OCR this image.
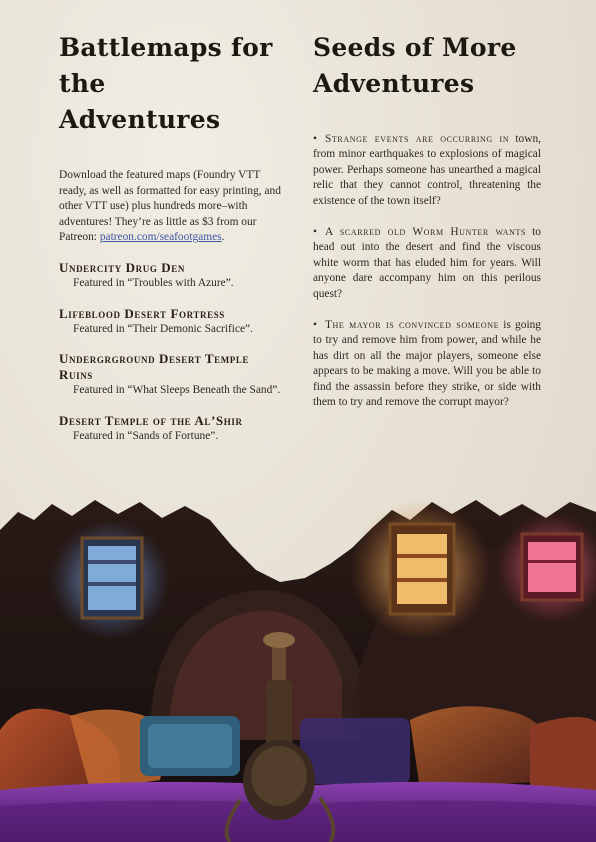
Battlemaps for the
Adventures

Download the featured maps (Foundry VTT ready, as well as formatted for easy printing, and other VTT use) plus hundreds more–with adventures! They’re as little as $3 from our Patreon: patreon.com/seafootgames.

Undercity Drug Den
Featured in “Troubles with Azure”.
Lifeblood Desert Fortress
Featured in “Their Demonic Sacrifice”.
Undergrground Desert Temple Ruins
Featured in “What Sleeps Beneath the Sand”.
Desert Temple of the Al’Shir
Featured in “Sands of Fortune”.
Seeds of More
Adventures

• Strange events are occurring in town, from minor earthquakes to explosions of magical power. Perhaps someone has unearthed a magical relic that they cannot control, threatening the existence of the town itself?

• A scarred old Worm Hunter wants to head out into the desert and find the viscous white worm that has eluded him for years. Will anyone dare accompany him on this perilous quest?

• The mayor is convinced someone is going to try and remove him from power, and while he has dirt on all the major players, someone else appears to be making a move. Will you be able to find the assassin before they strike, or side with them to try and remove the corrupt mayor?
